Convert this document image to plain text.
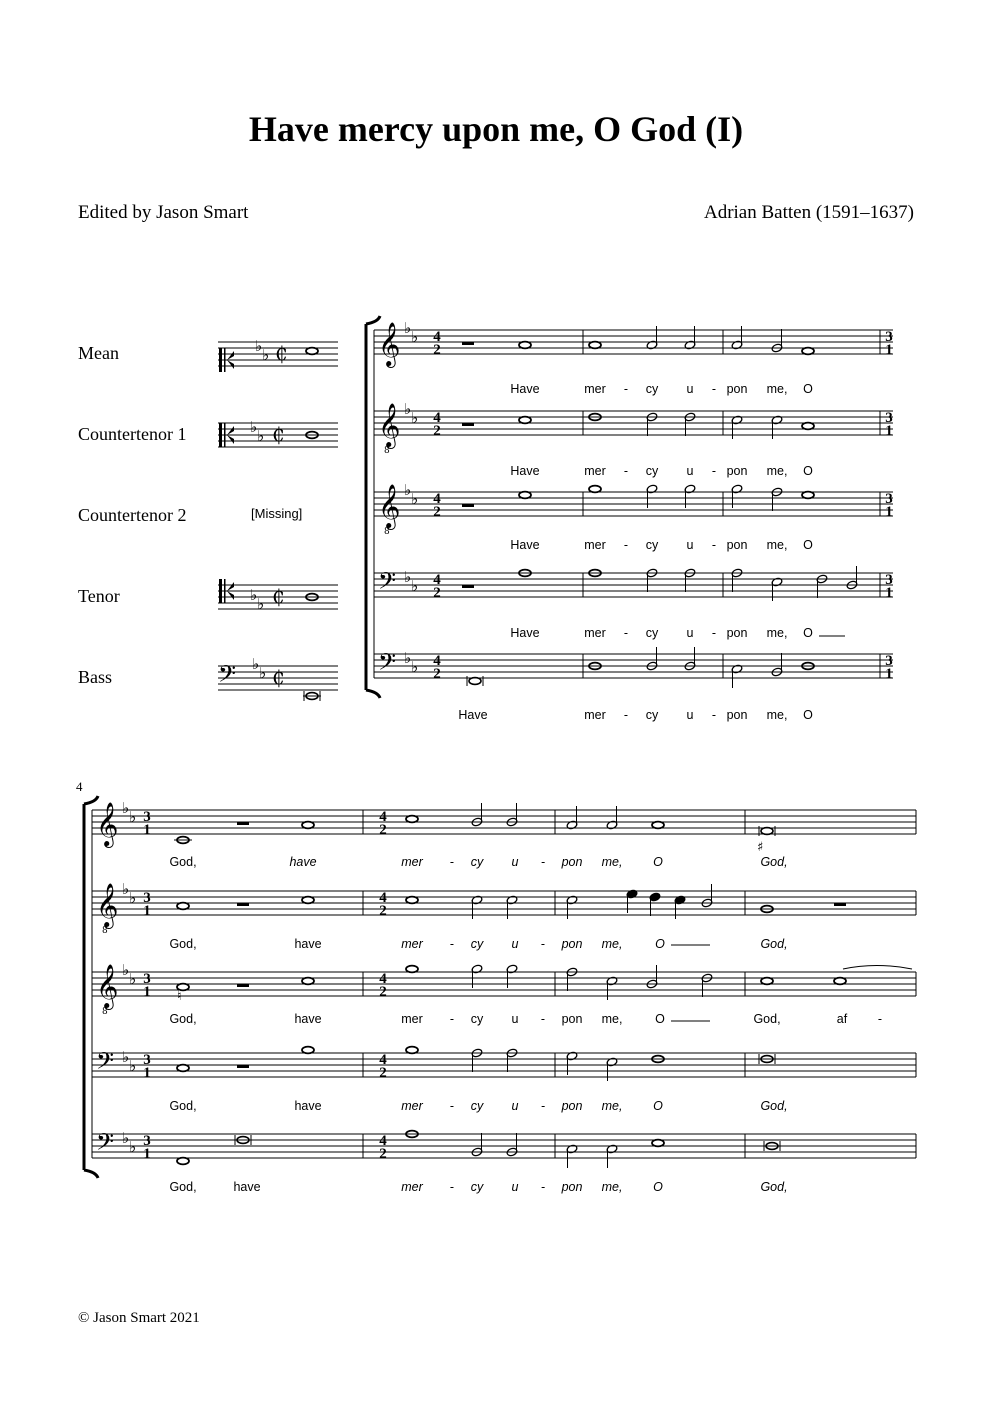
Have mercy upon me, O God (I)
Edited by Jason Smart	Adrian Batten (1591–1637)
Mean
Countertenor 1
Countertenor 2
Tenor
Bass
[Missing]
4
© Jason Smart 2021
♭ ♭ ₵
♭ ♭ ₵
♭ ♭ ₵
𝄢 ♭ ♭ ₵
𝄞 ♭ ♭ 4
2
3
1
𝄞
8
♭ ♭ 4
2
3
1
𝄞
8
♭ ♭ 4
2
3
1
𝄢 ♭ ♭ 4
2
3
1
𝄢 ♭ ♭ 4
2
3
1
Have	mer - cy u - pon me, O
Have	mer - cy u - pon me, O
Have	mer - cy u - pon me, O
Have	mer - cy u - pon me, O
Have	mer - cy u - pon me, O
𝄞 ♭ ♭ 3
1
4
2
𝄞
8
♭ ♭ 3
1
4
2
𝄞
8
♭ ♭ 3
1
4
2
𝄢 ♭ ♭ 3
1
4
2
𝄢 ♭ ♭ 3
1
4
2
God,	have	mer - cy u - pon me, O	God,
God,	have	mer - cy u - pon me,	O	God,
God,	have	mer - cy u - pon me,	O	God,	af -
God,	have	mer - cy u - pon me, O	God,
God,	have	mer - cy u - pon me, O	God,
♯
♮
